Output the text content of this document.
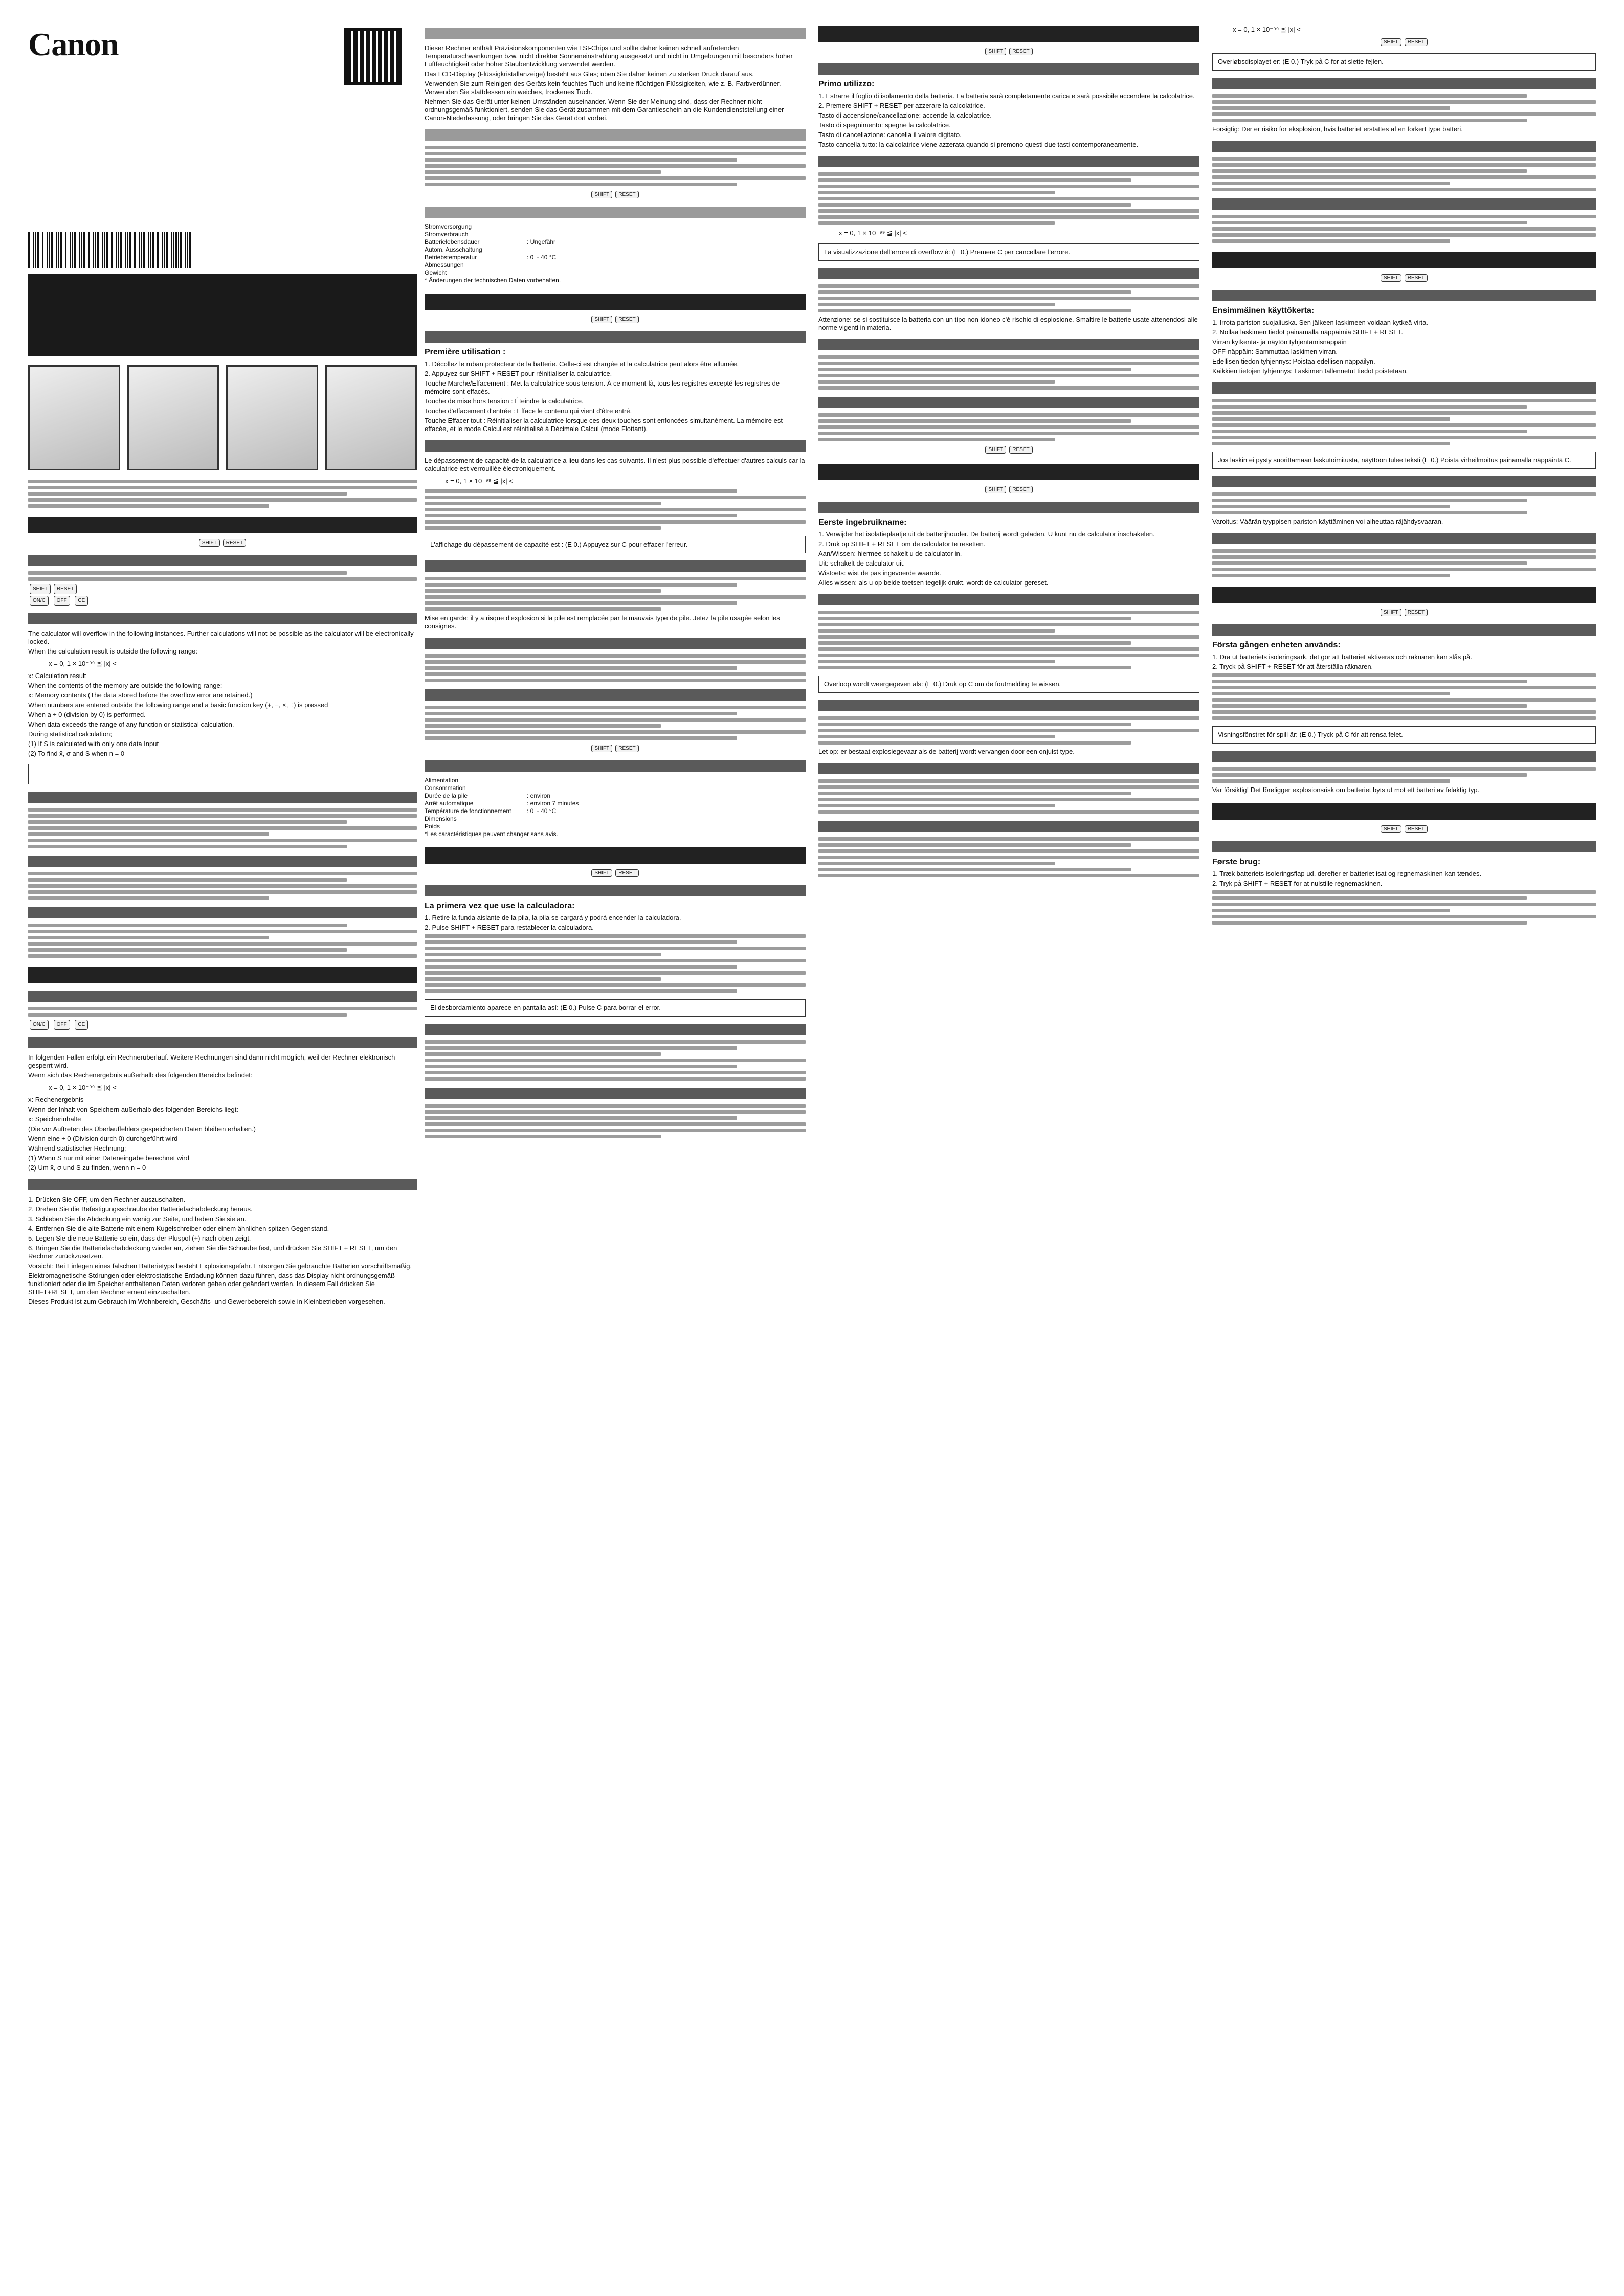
Canon
SHIFT RESET
SHIFT RESET
ON/C OFF CE
The calculator will overflow in the following instances. Further calculations will not be possible as the calculator will be electronically locked.
When the calculation result is outside the following range:
x = 0, 1 × 10⁻⁹⁹ ≦ |x| <
x: Calculation result
When the contents of the memory are outside the following range:
x: Memory contents (The data stored before the overflow error are retained.)
When numbers are entered outside the following range and a basic function key (+, −, ×, ÷) is pressed
When a ÷ 0 (division by 0) is performed.
When data exceeds the range of any function or statistical calculation.
During statistical calculation;
(1) If S is calculated with only one data Input
(2) To find x̄, σ and S when n = 0
ON/C OFF CE
In folgenden Fällen erfolgt ein Rechnerüberlauf. Weitere Rechnungen sind dann nicht möglich, weil der Rechner elektronisch gesperrt wird.
Wenn sich das Rechenergebnis außerhalb des folgenden Bereichs befindet:
x = 0, 1 × 10⁻⁹⁹ ≦ |x| <
x: Rechenergebnis
Wenn der Inhalt von Speichern außerhalb des folgenden Bereichs liegt:
x: Speicherinhalte
(Die vor Auftreten des Überlauffehlers gespeicherten Daten bleiben erhalten.)
Wenn eine ÷ 0 (Division durch 0) durchgeführt wird
Während statistischer Rechnung;
(1) Wenn S nur mit einer Dateneingabe berechnet wird
(2) Um x̄, σ und S zu finden, wenn n = 0
1. Drücken Sie OFF, um den Rechner auszuschalten.
2. Drehen Sie die Befestigungsschraube der Batteriefachabdeckung heraus.
3. Schieben Sie die Abdeckung ein wenig zur Seite, und heben Sie sie an.
4. Entfernen Sie die alte Batterie mit einem Kugelschreiber oder einem ähnlichen spitzen Gegenstand.
5. Legen Sie die neue Batterie so ein, dass der Pluspol (+) nach oben zeigt.
6. Bringen Sie die Batteriefachabdeckung wieder an, ziehen Sie die Schraube fest, und drücken Sie SHIFT + RESET, um den Rechner zurückzusetzen.
Vorsicht: Bei Einlegen eines falschen Batterietyps besteht Explosionsgefahr. Entsorgen Sie gebrauchte Batterien vorschriftsmäßig.
Elektromagnetische Störungen oder elektrostatische Entladung können dazu führen, dass das Display nicht ordnungsgemäß funktioniert oder die im Speicher enthaltenen Daten verloren gehen oder geändert werden. In diesem Fall drücken Sie SHIFT+RESET, um den Rechner erneut einzuschalten.
Dieses Produkt ist zum Gebrauch im Wohnbereich, Geschäfts- und Gewerbebereich sowie in Kleinbetrieben vorgesehen.
Dieser Rechner enthält Präzisionskomponenten wie LSI-Chips und sollte daher keinen schnell aufretenden Temperaturschwankungen bzw. nicht direkter Sonneneinstrahlung ausgesetzt und nicht in Umgebungen mit besonders hoher Luftfeuchtigkeit oder hoher Staubentwicklung verwendet werden.
Das LCD-Display (Flüssigkristallanzeige) besteht aus Glas; üben Sie daher keinen zu starken Druck darauf aus.
Verwenden Sie zum Reinigen des Geräts kein feuchtes Tuch und keine flüchtigen Flüssigkeiten, wie z. B. Farbverdünner. Verwenden Sie stattdessen ein weiches, trockenes Tuch.
Nehmen Sie das Gerät unter keinen Umständen auseinander. Wenn Sie der Meinung sind, dass der Rechner nicht ordnungsgemäß funktioniert, senden Sie das Gerät zusammen mit dem Garantieschein an die Kundendienststellung einer Canon-Niederlassung, oder bringen Sie das Gerät dort vorbei.
SHIFT RESET
Stromversorgung
Stromverbrauch
Batterielebensdauer	: Ungefähr
Autom. Ausschaltung
Betriebstemperatur	: 0 ~ 40 °C
Abmessungen
Gewicht
* Änderungen der technischen Daten vorbehalten.
SHIFT RESET
Première utilisation :
1. Décollez le ruban protecteur de la batterie. Celle-ci est chargée et la calculatrice peut alors être allumée.
2. Appuyez sur SHIFT + RESET pour réinitialiser la calculatrice.
Touche Marche/Effacement : Met la calculatrice sous tension. À ce moment-là, tous les registres excepté les registres de mémoire sont effacés.
Touche de mise hors tension : Éteindre la calculatrice.
Touche d'effacement d'entrée : Efface le contenu qui vient d'être entré.
Touche Effacer tout : Réinitialiser la calculatrice lorsque ces deux touches sont enfoncées simultanément. La mémoire est effacée, et le mode Calcul est réinitialisé à Décimale Calcul (mode Flottant).
Le dépassement de capacité de la calculatrice a lieu dans les cas suivants. Il n'est plus possible d'effectuer d'autres calculs car la calculatrice est verrouillée électroniquement.
x = 0, 1 × 10⁻⁹⁹ ≦ |x| <
L'affichage du dépassement de capacité est : (E 0.) Appuyez sur C pour effacer l'erreur.
Mise en garde: il y a risque d'explosion si la pile est remplacée par le mauvais type de pile. Jetez la pile usagée selon les consignes.
SHIFT RESET
Alimentation
Consommation
Durée de la pile	: environ
Arrêt automatique	: environ 7 minutes
Température de fonctionnement	: 0 ~ 40 °C
Dimensions
Poids
*Les caractéristiques peuvent changer sans avis.
SHIFT RESET
La primera vez que use la calculadora:
1. Retire la funda aislante de la pila, la pila se cargará y podrá encender la calculadora.
2. Pulse SHIFT + RESET para restablecer la calculadora.
El desbordamiento aparece en pantalla así: (E 0.) Pulse C para borrar el error.
SHIFT RESET
Primo utilizzo:
1. Estrarre il foglio di isolamento della batteria. La batteria sarà completamente carica e sarà possibile accendere la calcolatrice.
2. Premere SHIFT + RESET per azzerare la calcolatrice.
Tasto di accensione/cancellazione: accende la calcolatrice.
Tasto di spegnimento: spegne la calcolatrice.
Tasto di cancellazione: cancella il valore digitato.
Tasto cancella tutto: la calcolatrice viene azzerata quando si premono questi due tasti contemporaneamente.
x = 0, 1 × 10⁻⁹⁹ ≦ |x| <
La visualizzazione dell'errore di overflow è: (E 0.) Premere C per cancellare l'errore.
Attenzione: se si sostituisce la batteria con un tipo non idoneo c'è rischio di esplosione. Smaltire le batterie usate attenendosi alle norme vigenti in materia.
SHIFT RESET
SHIFT RESET
Eerste ingebruikname:
1. Verwijder het isolatieplaatje uit de batterijhouder. De batterij wordt geladen. U kunt nu de calculator inschakelen.
2. Druk op SHIFT + RESET om de calculator te resetten.
Aan/Wissen: hiermee schakelt u de calculator in.
Uit: schakelt de calculator uit.
Wistoets: wist de pas ingevoerde waarde.
Alles wissen: als u op beide toetsen tegelijk drukt, wordt de calculator gereset.
Overloop wordt weergegeven als: (E 0.) Druk op C om de foutmelding te wissen.
Let op: er bestaat explosiegevaar als de batterij wordt vervangen door een onjuist type.
x = 0, 1 × 10⁻⁹⁹ ≦ |x| <
SHIFT RESET
Overløbsdisplayet er: (E 0.) Tryk på C for at slette fejlen.
Forsigtig: Der er risiko for eksplosion, hvis batteriet erstattes af en forkert type batteri.
SHIFT RESET
Ensimmäinen käyttökerta:
1. Irrota pariston suojaliuska. Sen jälkeen laskimeen voidaan kytkeä virta.
2. Nollaa laskimen tiedot painamalla näppäimiä SHIFT + RESET.
Virran kytkentä- ja näytön tyhjentämisnäppäin
OFF-näppäin: Sammuttaa laskimen virran.
Edellisen tiedon tyhjennys: Poistaa edellisen näppäilyn.
Kaikkien tietojen tyhjennys: Laskimen tallennetut tiedot poistetaan.
Jos laskin ei pysty suorittamaan laskutoimitusta, näyttöön tulee teksti (E 0.) Poista virheilmoitus painamalla näppäintä C.
Varoitus: Väärän tyyppisen pariston käyttäminen voi aiheuttaa räjähdysvaaran.
SHIFT RESET
Första gången enheten används:
1. Dra ut batteriets isoleringsark, det gör att batteriet aktiveras och räknaren kan slås på.
2. Tryck på SHIFT + RESET för att återställa räknaren.
Visningsfönstret för spill är: (E 0.) Tryck på C för att rensa felet.
Var försiktig! Det föreligger explosionsrisk om batteriet byts ut mot ett batteri av felaktig typ.
SHIFT RESET
Første brug:
1. Træk batteriets isoleringsflap ud, derefter er batteriet isat og regnemaskinen kan tændes.
2. Tryk på SHIFT + RESET for at nulstille regnemaskinen.
